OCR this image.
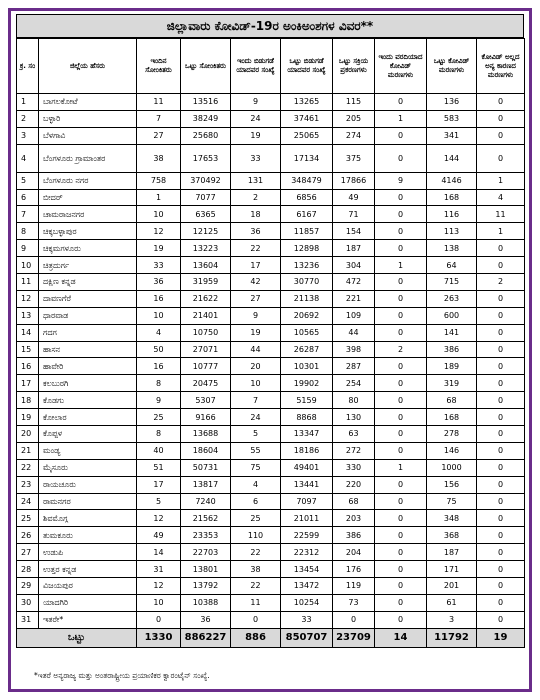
ಜಿಲ್ಲಾವಾರು ಕೋವಿಡ್-19ರ ಅಂಕಿಅಂಶಗಳ ವಿವರ**
ಕ್ರ. ಸಂ	ಜಿಲ್ಲೆಯ ಹೆಸರು	ಇಂದಿನ ಸೋಂಕಿತರು	ಒಟ್ಟು ಸೋಂಕಿತರು	ಇಂದು ಬಿಡುಗಡೆ ಯಾದವರ ಸಂಖ್ಯೆ	ಒಟ್ಟು ಬಿಡುಗಡೆ ಯಾದವರ ಸಂಖ್ಯೆ	ಒಟ್ಟು ಸಕ್ರಿಯ ಪ್ರಕರಣಗಳು	ಇಂದು ವರದಿಯಾದ ಕೋವಿಡ್ ಮರಣಗಳು	ಒಟ್ಟು ಕೋವಿಡ್ ಮರಣಗಳು	ಕೋವಿಡ್ ಅಲ್ಲದ ಅನ್ಯ ಕಾರಣದ ಮರಣಗಳು
1	ಬಾಗಲಕೋಟೆ	11	13516	9	13265	115	0	136	0
2	ಬಳ್ಳಾರಿ	7	38249	24	37461	205	1	583	0
3	ಬೆಳಗಾವಿ	27	25680	19	25065	274	0	341	0
4	ಬೆಂಗಳೂರು ಗ್ರಾಮಾಂತರ	38	17653	33	17134	375	0	144	0
5	ಬೆಂಗಳೂರು ನಗರ	758	370492	131	348479	17866	9	4146	1
6	ಬೀದರ್	1	7077	2	6856	49	0	168	4
7	ಚಾಮರಾಜನಗರ	10	6365	18	6167	71	0	116	11
8	ಚಿಕ್ಕಬಳ್ಳಾಪುರ	12	12125	36	11857	154	0	113	1
9	ಚಿಕ್ಕಮಗಳೂರು	19	13223	22	12898	187	0	138	0
10	ಚಿತ್ರದುರ್ಗ	33	13604	17	13236	304	1	64	0
11	ದಕ್ಷಿಣ ಕನ್ನಡ	36	31959	42	30770	472	0	715	2
12	ದಾವಣಗೆರೆ	16	21622	27	21138	221	0	263	0
13	ಧಾರವಾಡ	10	21401	9	20692	109	0	600	0
14	ಗದಗ	4	10750	19	10565	44	0	141	0
15	ಹಾಸನ	50	27071	44	26287	398	2	386	0
16	ಹಾವೇರಿ	16	10777	20	10301	287	0	189	0
17	ಕಲಬುರಗಿ	8	20475	10	19902	254	0	319	0
18	ಕೊಡಗು	9	5307	7	5159	80	0	68	0
19	ಕೋಲಾರ	25	9166	24	8868	130	0	168	0
20	ಕೊಪ್ಪಳ	8	13688	5	13347	63	0	278	0
21	ಮಂಡ್ಯ	40	18604	55	18186	272	0	146	0
22	ಮೈಸೂರು	51	50731	75	49401	330	1	1000	0
23	ರಾಯಚೂರು	17	13817	4	13441	220	0	156	0
24	ರಾಮನಗರ	5	7240	6	7097	68	0	75	0
25	ಶಿವಮೊಗ್ಗ	12	21562	25	21011	203	0	348	0
26	ತುಮಕೂರು	49	23353	110	22599	386	0	368	0
27	ಉಡುಪಿ	14	22703	22	22312	204	0	187	0
28	ಉತ್ತರ ಕನ್ನಡ	31	13801	38	13454	176	0	171	0
29	ವಿಜಯಪುರ	12	13792	22	13472	119	0	201	0
30	ಯಾದಗಿರಿ	10	10388	11	10254	73	0	61	0
31	ಇತರೇ*	0	36	0	33	0	0	3	0
ಒಟ್ಟು		1330	886227	886	850707	23709	14	11792	19
*ಇತರೆ ಅನ್ಯರಾಜ್ಯ ಮತ್ತು ಅಂತರಾಷ್ಟ್ರೀಯ ಪ್ರಯಾಣಿಕರ ಕ್ವಾರಂಟೈನ್ ಸಂಖ್ಯೆ.
